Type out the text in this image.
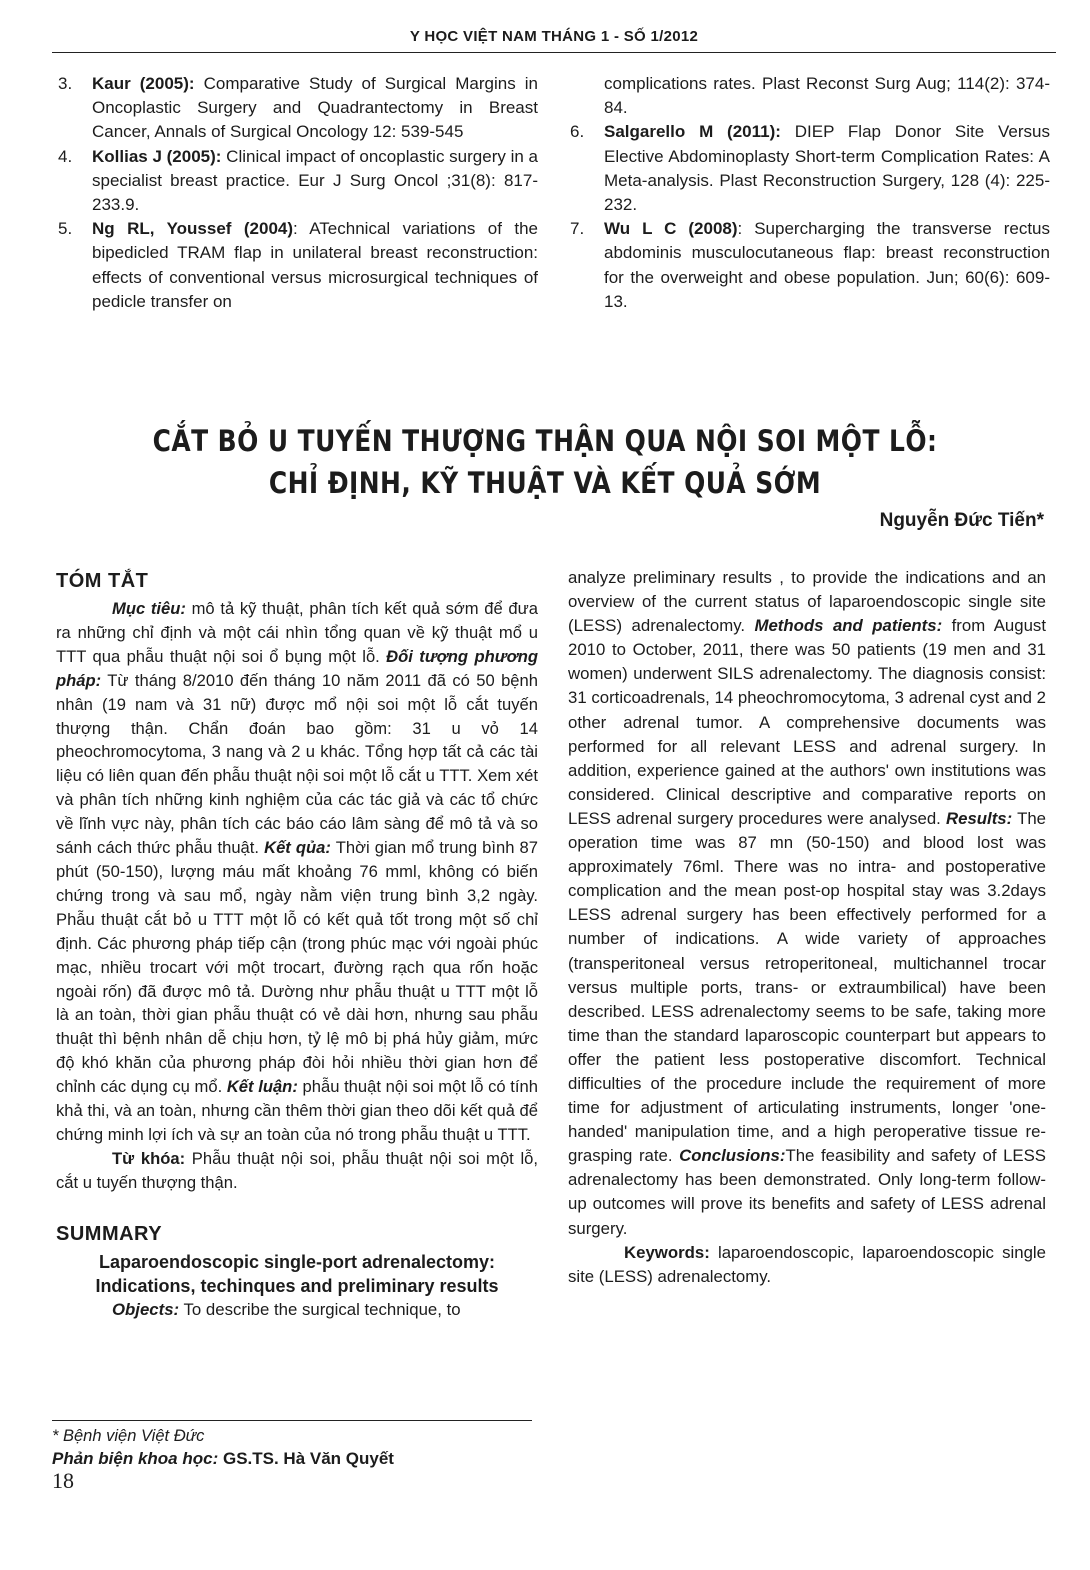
Y HỌC VIỆT NAM THÁNG 1 - SỐ 1/2012
3. Kaur (2005): Comparative Study of Surgical Margins in Oncoplastic Surgery and Quadrantectomy in Breast Cancer, Annals of Surgical Oncology 12: 539-545
4. Kollias J (2005): Clinical impact of oncoplastic surgery in a specialist breast practice. Eur J Surg Oncol ;31(8): 817- 233.9.
5. Ng RL, Youssef (2004): ATechnical variations of the bipedicled TRAM flap in unilateral breast reconstruction: effects of conventional versus microsurgical techniques of pedicle transfer on
complications rates. Plast Reconst Surg Aug; 114(2): 374-84.
6. Salgarello M (2011): DIEP Flap Donor Site Versus Elective Abdominoplasty Short-term Complication Rates: A Meta-analysis. Plast Reconstruction Surgery, 128 (4): 225-232.
7. Wu L C (2008): Supercharging the transverse rectus abdominis musculocutaneous flap: breast reconstruction for the overweight and obese population. Jun; 60(6): 609-13.
CẮT BỎ U TUYẾN THƯỢNG THẬN QUA NỘI SOI MỘT LỖ:
CHỈ ĐỊNH, KỸ THUẬT VÀ KẾT QUẢ SỚM
Nguyễn Đức Tiến*
TÓM TẮT

Mục tiêu: mô tả kỹ thuật, phân tích kết quả sớm để đưa ra những chỉ định và một cái nhìn tổng quan về kỹ thuật mổ u TTT qua phẫu thuật nội soi ổ bụng một lỗ. Đối tượng phương pháp: Từ tháng 8/2010 đến tháng 10 năm 2011 đã có 50 bệnh nhân (19 nam và 31 nữ) được mổ nội soi một lỗ cắt tuyến thượng thận. Chẩn đoán bao gồm: 31 u vỏ 14 pheochromocytoma, 3 nang và 2 u khác. Tổng hợp tất cả các tài liệu có liên quan đến phẫu thuật nội soi một lỗ cắt u TTT. Xem xét và phân tích những kinh nghiệm của các tác giả và các tổ chức về lĩnh vực này, phân tích các báo cáo lâm sàng để mô tả và so sánh cách thức phẫu thuật. Kết qủa: Thời gian mổ trung bình 87 phút (50-150), lượng máu mất khoảng 76 mml, không có biến chứng trong và sau mổ, ngày nằm viện trung bình 3,2 ngày. Phẫu thuật cắt bỏ u TTT một lỗ có kết quả tốt trong một số chỉ định. Các phương pháp tiếp cận (trong phúc mạc với ngoài phúc mạc, nhiều trocart với một trocart, đường rạch qua rốn hoặc ngoài rốn) đã được mô tả. Dường như phẫu thuật u TTT một lỗ là an toàn, thời gian phẫu thuật có vẻ dài hơn, nhưng sau phẫu thuật thì bệnh nhân dễ chịu hơn, tỷ lệ mô bị phá hủy giảm, mức độ khó khăn của phương pháp đòi hỏi nhiều thời gian hơn để chỉnh các dụng cụ mổ. Kết luận: phẫu thuật nội soi một lỗ có tính khả thi, và an toàn, nhưng cần thêm thời gian theo dõi kết quả để chứng minh lợi ích và sự an toàn của nó trong phẫu thuật u TTT.

Từ khóa: Phẫu thuật nội soi, phẫu thuật nội soi một lỗ, cắt u tuyến thượng thận.

SUMMARY
Laparoendoscopic single-port adrenalectomy:
Indications, techinques and preliminary results

Objects: To describe the surgical technique, to

analyze preliminary results , to provide the indications and an overview of the current status of laparoendoscopic single site (LESS) adrenalectomy. Methods and patients: from August 2010 to October, 2011, there was 50 patients (19 men and 31 women) underwent SILS adrenalectomy. The diagnosis consist: 31 corticoadrenals, 14 pheochromocytoma, 3 adrenal cyst and 2 other adrenal tumor. A comprehensive documents was performed for all relevant LESS and adrenal surgery. In addition, experience gained at the authors' own institutions was considered. Clinical descriptive and comparative reports on LESS adrenal surgery procedures were analysed. Results: The operation time was 87 mn (50-150) and blood lost was approximately 76ml. There was no intra- and postoperative complication and the mean post-op hospital stay was 3.2days LESS adrenal surgery has been effectively performed for a number of indications. A wide variety of approaches (transperitoneal versus retroperitoneal, multichannel trocar versus multiple ports, trans- or extraumbilical) have been described. LESS adrenalectomy seems to be safe, taking more time than the standard laparoscopic counterpart but appears to offer the patient less postoperative discomfort. Technical difficulties of the procedure include the requirement of more time for adjustment of articulating instruments, longer 'one-handed' manipulation time, and a high peroperative tissue re-grasping rate. Conclusions:The feasibility and safety of LESS adrenalectomy has been demonstrated. Only long-term follow-up outcomes will prove its benefits and safety of LESS adrenal surgery.

Keywords: laparoendoscopic, laparoendoscopic single site (LESS) adrenalectomy.

* Bệnh viện Việt Đức
Phản biện khoa học: GS.TS. Hà Văn Quyết
18
